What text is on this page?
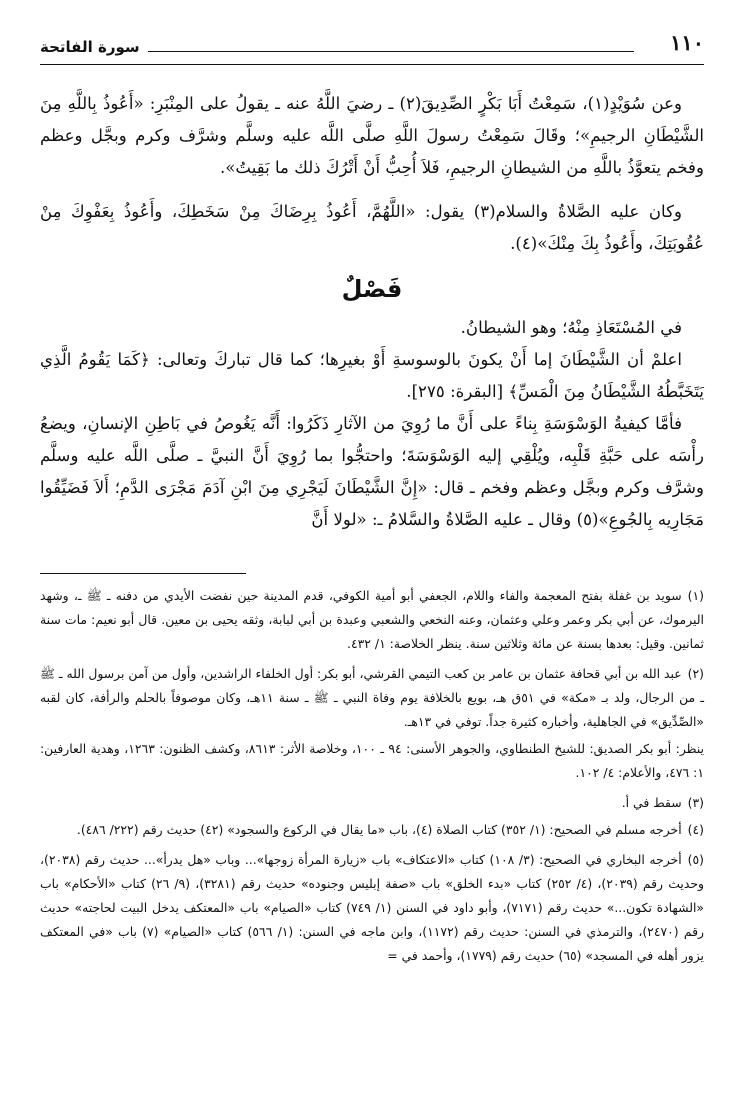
١١٠
سورة الفاتحة

وعن سُوَيْدٍ(١)، سَمِعْتُ أَبَا بَكْرٍ الصِّدِيقَ(٢) ـ رضيَ اللَّهُ عنه ـ يقولُ على المِنْبَرِ: «أَعُوذُ بِاللَّهِ مِنَ الشَّيْطَانِ الرجيمِ»؛ وقَالَ سَمِعْتُ رسولَ اللَّهِ صلَّى اللَّه عليه وسلَّم وشرَّف وكرم وبجَّل وعظم وفخم يتعوَّذُ باللَّهِ من الشيطانِ الرجيمِ، فَلاَ أُحِبُّ أَنْ أَتْرُكَ ذلك ما بَقِيتُ».

وكان عليه الصَّلاةُ والسلام(٣) يقول: «اللَّهُمَّ، أَعُوذُ بِرِضَاكَ مِنْ سَخَطِكَ، وأَعُوذُ بِعَفْوِكَ مِنْ عُقُوبَتِكَ، وأَعُوذُ بِكَ مِنْكَ»(٤).

فَصْلٌ

في المُسْتَعَاذِ مِنْهُ؛ وهو الشيطانُ.

اعلمْ أن الشَّيْطَانَ إما أَنْ يكونَ بالوسوسةِ أَوْ بغيرِها؛ كما قال تباركَ وتعالى: ﴿كَمَا يَقُومُ الَّذِي يَتَخَبَّطُهُ الشَّيْطَانُ مِنَ الْمَسِّ﴾ [البقرة: ٢٧٥].

فأمَّا كيفيةُ الوَسْوَسَةِ بِناءً على أَنَّ ما رُوِيَ من الآثارِ ذَكَرُوا: أَنَّه يَغُوصُ في بَاطِنِ الإنسانِ، ويضعُ رأْسَه على حَبَّةِ قَلْبِه، ويُلْقِي إليه الوَسْوَسَةَ؛ واحتجُّوا بما رُوِيَ أَنَّ النبيَّ ـ صلَّى اللَّه عليه وسلَّم وشرَّف وكرم وبجَّل وعظم وفخم ـ قال: «إِنَّ الشَّيْطَانَ لَيَجْرِي مِنَ ابْنِ آدَمَ مَجْرَى الدَّمِ؛ أَلاَ فَضَيِّقُوا مَجَارِيه بِالجُوعِ»(٥) وقال ـ عليه الصَّلاةُ والسَّلامُ ـ: «لولا أَنَّ

(١)سويد بن غفلة بفتح المعجمة والفاء واللام، الجعفي أبو أمية الكوفي، قدم المدينة حين نفضت الأيدي من دفنه ـ ﷺ ـ، وشهد اليرموك، عن أبي بكر وعمر وعلي وعثمان، وعنه النخعي والشعبي وعبدة بن أبي لبابة، وثقه يحيى بن معين. قال أبو نعيم: مات سنة ثمانين. وقيل: بعدها بسنة عن مائة وثلاثين سنة. ينظر الخلاصة: ١/ ٤٣٢.
(٢)عبد الله بن أبي قحافة عثمان بن عامر بن كعب التيمي القرشي، أبو بكر: أول الخلفاء الراشدين، وأول من آمن برسول الله ـ ﷺ ـ من الرجال، ولد بـ «مكة» في ٥١ق هـ، بويع بالخلافة يوم وفاة النبي ـ ﷺ ـ سنة ١١هـ، وكان موصوفاً بالحلم والرأفة، كان لقبه «الصِّدِّيق» في الجاهلية، وأخباره كثيرة جداً. توفي في ١٣هـ.
ينظر: أبو بكر الصديق: للشيخ الطنطاوي، والجوهر الأسنى: ٩٤ ـ ١٠٠، وخلاصة الأثر: ٨٦١٣، وكشف الظنون: ١٢٦٣، وهدية العارفين: ١: ٤٧٦، والأعلام: ٤/ ١٠٢.
(٣)سقط في أ.
(٤)أخرجه مسلم في الصحيح: (١/ ٣٥٢) كتاب الصلاة (٤)، باب «ما يقال في الركوع والسجود» (٤٢) حديث رقم (٢٢٢/ ٤٨٦).
(٥)أخرجه البخاري في الصحيح: (٣/ ١٠٨) كتاب «الاعتكاف» باب «زيارة المرأة زوجها»... وباب «هل يدرأ»... حديث رقم (٢٠٣٨)، وحديث رقم (٢٠٣٩)، (٤/ ٢٥٢) كتاب «بدء الخلق» باب «صفة إبليس وجنوده» حديث رقم (٣٢٨١)، (٩/ ٢٦) كتاب «الأحكام» باب «الشهادة تكون...» حديث رقم (٧١٧١)، وأبو داود في السنن (١/ ٧٤٩) كتاب «الصيام» باب «المعتكف يدخل البيت لحاجته» حديث رقم (٢٤٧٠)، والترمذي في السنن: حديث رقم (١١٧٢)، وابن ماجه في السنن: (١/ ٥٦٦) كتاب «الصيام» (٧) باب «في المعتكف يزور أهله في المسجد» (٦٥) حديث رقم (١٧٧٩)، وأحمد في =
